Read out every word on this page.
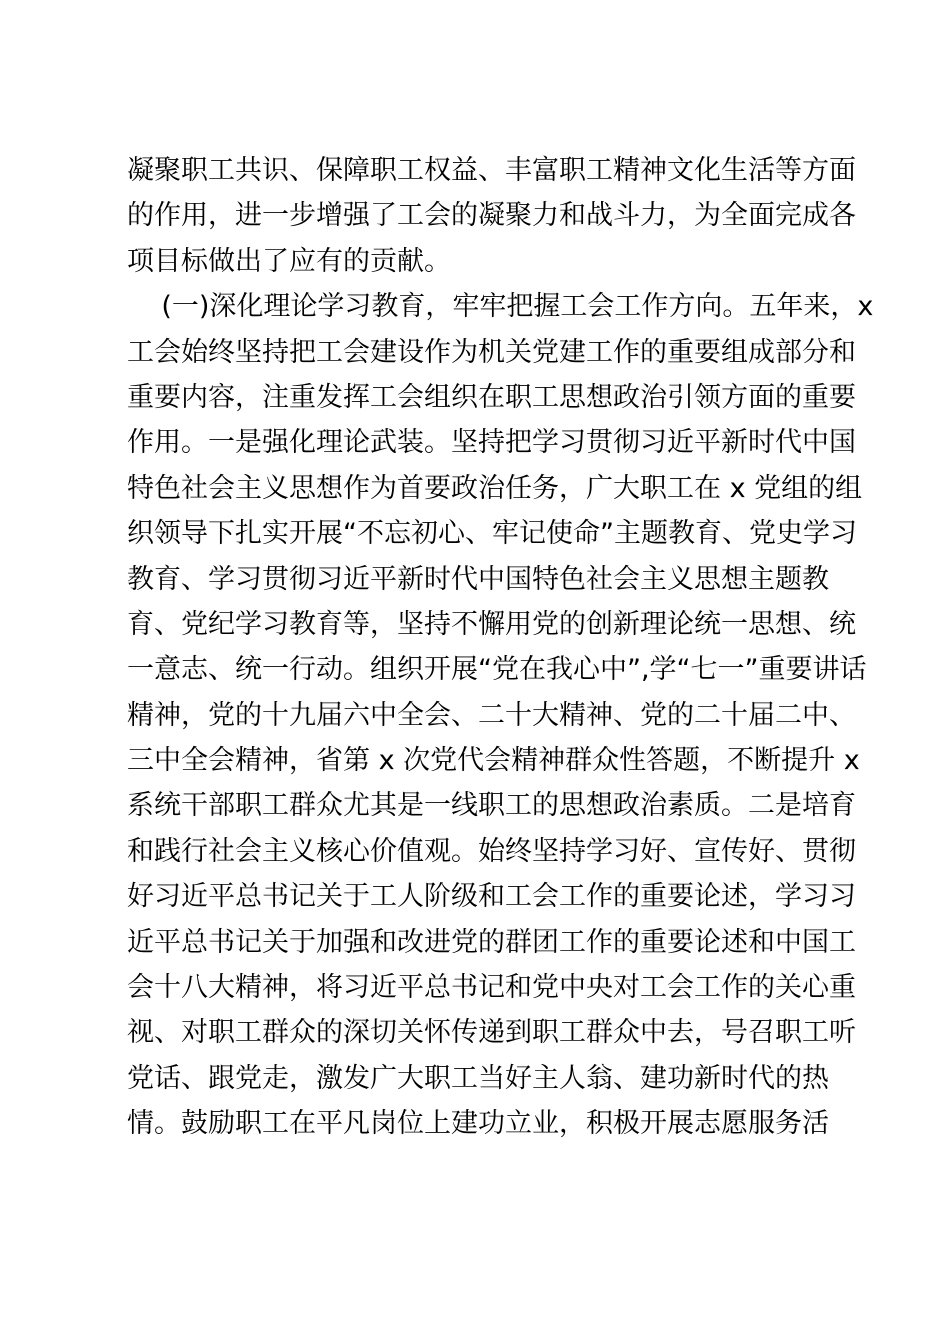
凝聚职工共识、保障职工权益、丰富职工精神文化生活等方面
的作用，进一步增强了工会的凝聚力和战斗力，为全面完成各
项目标做出了应有的贡献。
(一)深化理论学习教育，牢牢把握工会工作方向。五年来，x
工会始终坚持把工会建设作为机关党建工作的重要组成部分和
重要内容，注重发挥工会组织在职工思想政治引领方面的重要
作用。一是强化理论武装。坚持把学习贯彻习近平新时代中国
特色社会主义思想作为首要政治任务，广大职工在 x 党组的组
织领导下扎实开展“不忘初心、牢记使命”主题教育、党史学习
教育、学习贯彻习近平新时代中国特色社会主义思想主题教
育、党纪学习教育等，坚持不懈用党的创新理论统一思想、统
一意志、统一行动。组织开展“党在我心中”,学“七一”重要讲话
精神，党的十九届六中全会、二十大精神、党的二十届二中、
三中全会精神，省第 x 次党代会精神群众性答题，不断提升 x
系统干部职工群众尤其是一线职工的思想政治素质。二是培育
和践行社会主义核心价值观。始终坚持学习好、宣传好、贯彻
好习近平总书记关于工人阶级和工会工作的重要论述，学习习
近平总书记关于加强和改进党的群团工作的重要论述和中国工
会十八大精神，将习近平总书记和党中央对工会工作的关心重
视、对职工群众的深切关怀传递到职工群众中去，号召职工听
党话、跟党走，激发广大职工当好主人翁、建功新时代的热
情。鼓励职工在平凡岗位上建功立业，积极开展志愿服务活
